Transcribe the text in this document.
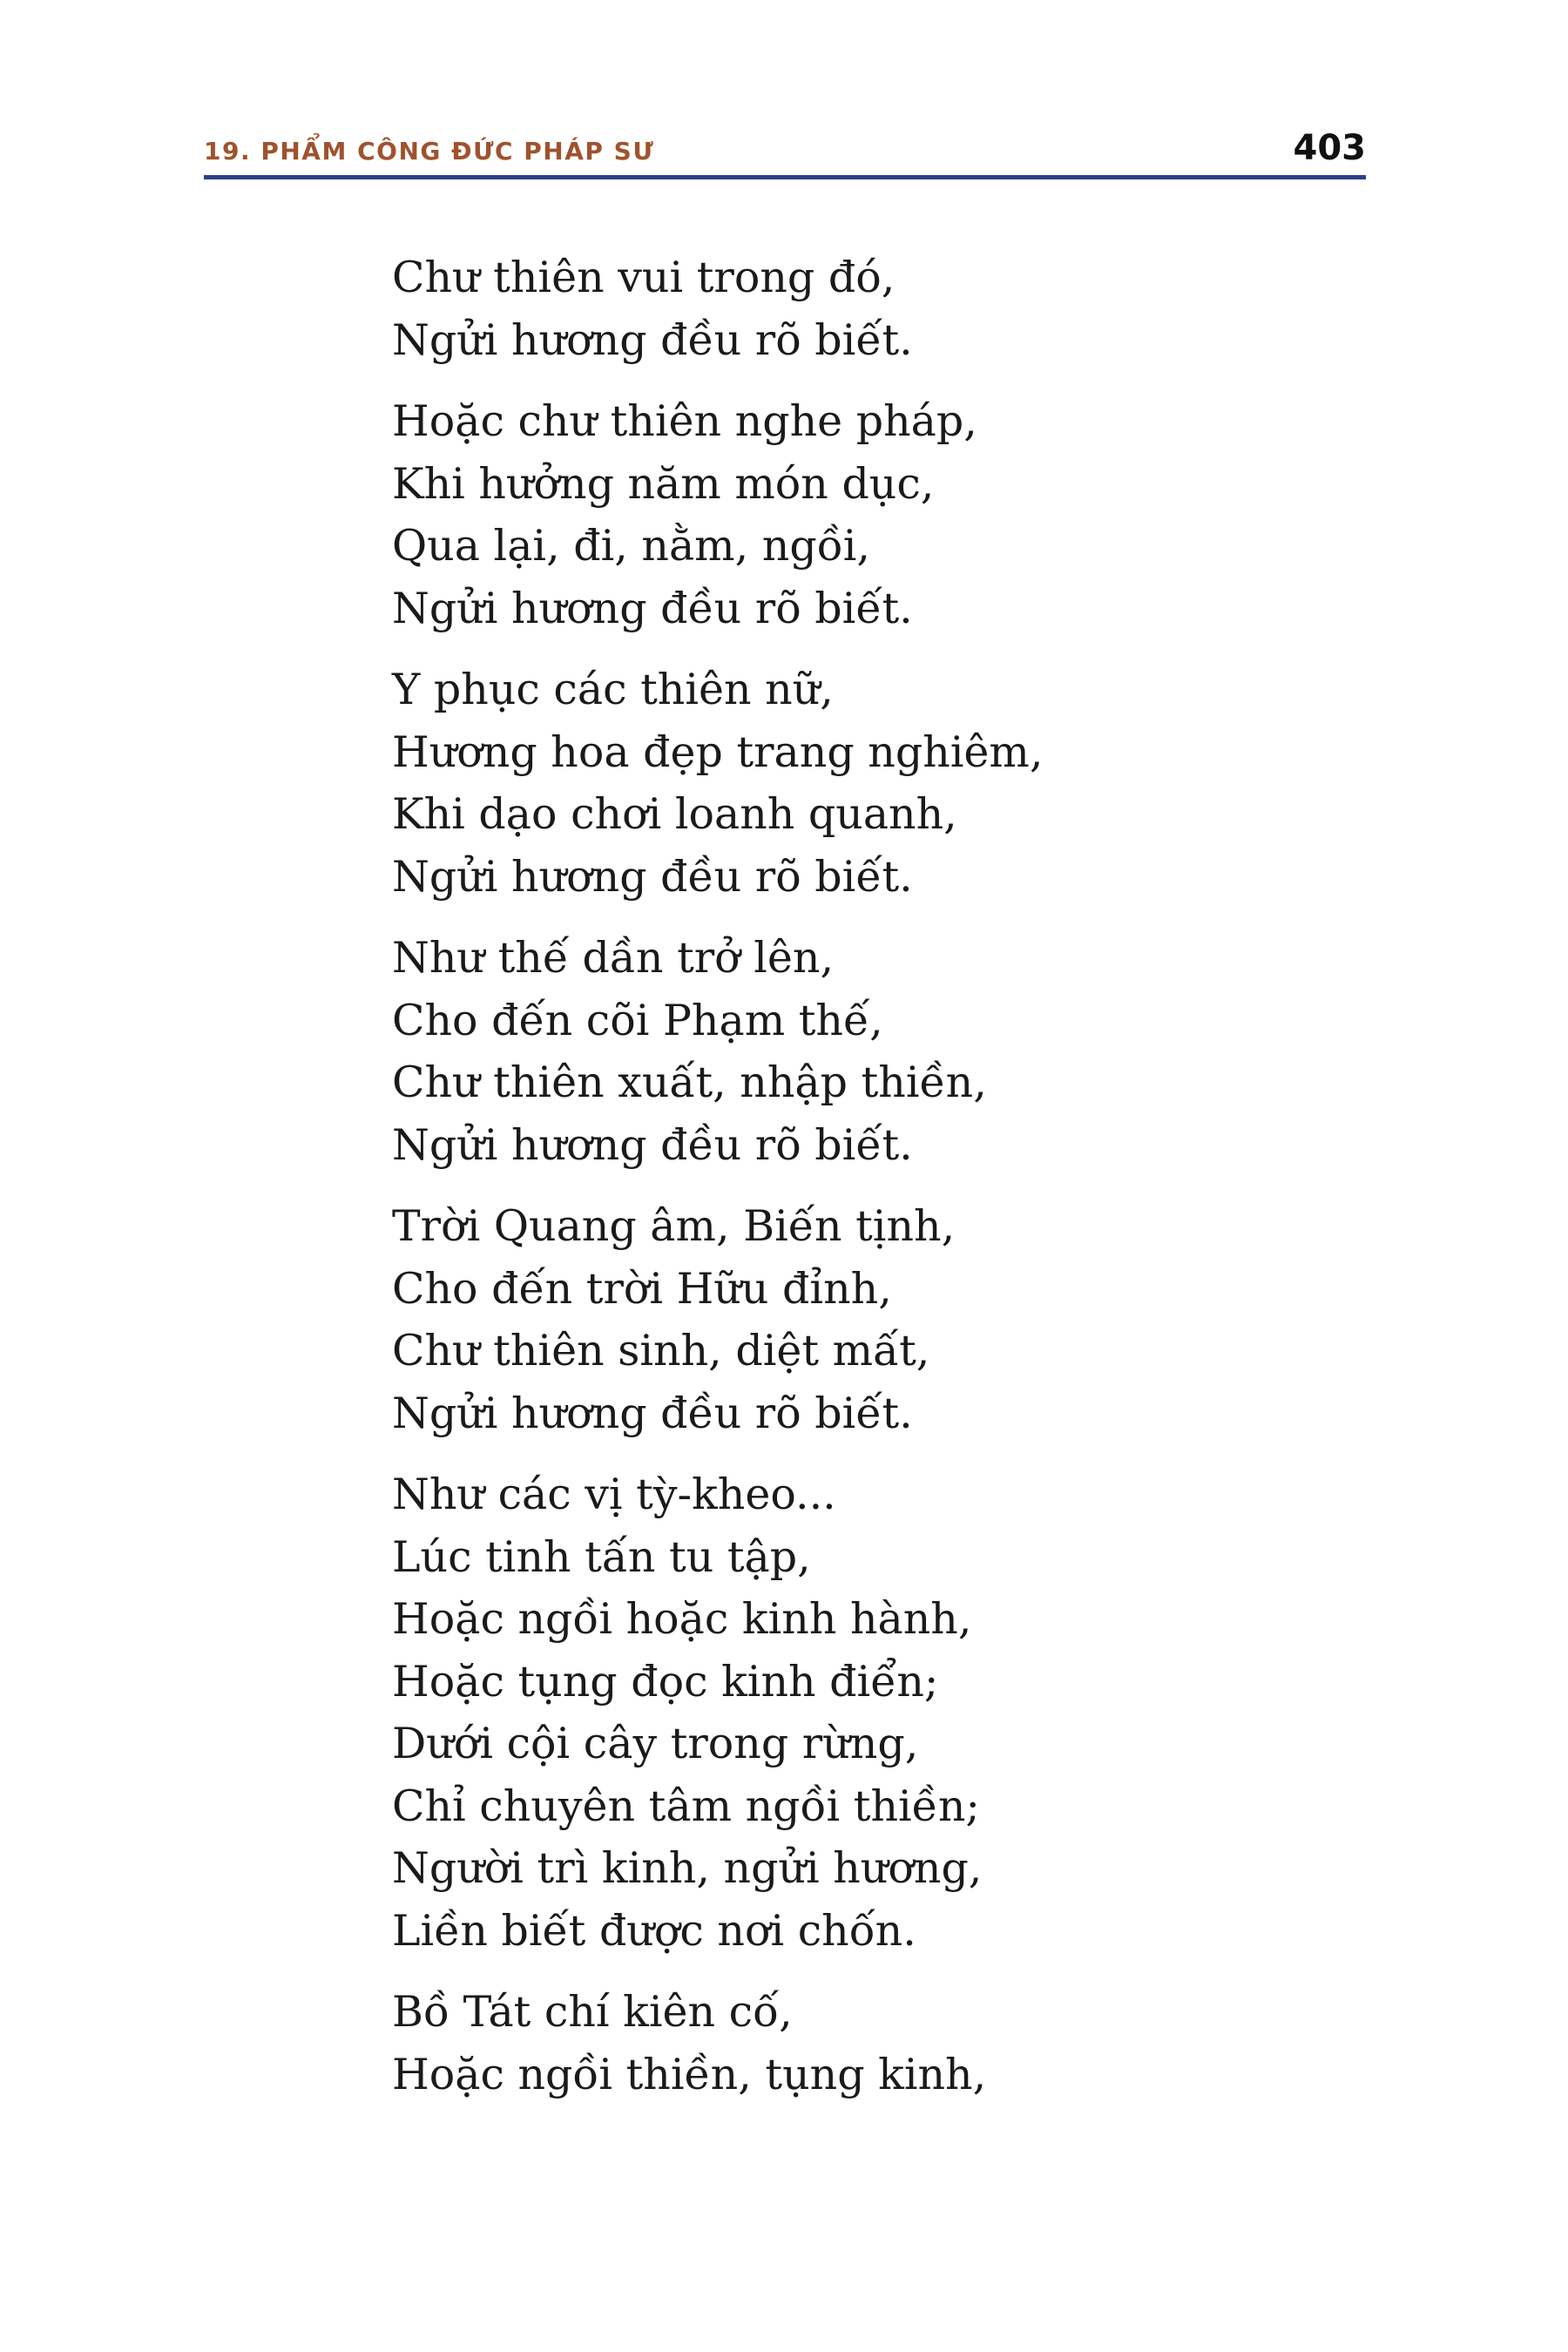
19. PHẨM CÔNG ĐỨC PHÁP SƯ	403
Chư thiên vui trong đó,
Ngửi hương đều rõ biết.
Hoặc chư thiên nghe pháp,
Khi hưởng năm món dục,
Qua lại, đi, nằm, ngồi,
Ngửi hương đều rõ biết.
Y phục các thiên nữ,
Hương hoa đẹp trang nghiêm,
Khi dạo chơi loanh quanh,
Ngửi hương đều rõ biết.
Như thế dần trở lên,
Cho đến cõi Phạm thế,
Chư thiên xuất, nhập thiền,
Ngửi hương đều rõ biết.
Trời Quang âm, Biến tịnh,
Cho đến trời Hữu đỉnh,
Chư thiên sinh, diệt mất,
Ngửi hương đều rõ biết.
Như các vị tỳ-kheo...
Lúc tinh tấn tu tập,
Hoặc ngồi hoặc kinh hành,
Hoặc tụng đọc kinh điển;
Dưới cội cây trong rừng,
Chỉ chuyên tâm ngồi thiền;
Người trì kinh, ngửi hương,
Liền biết được nơi chốn.
Bồ Tát chí kiên cố,
Hoặc ngồi thiền, tụng kinh,
